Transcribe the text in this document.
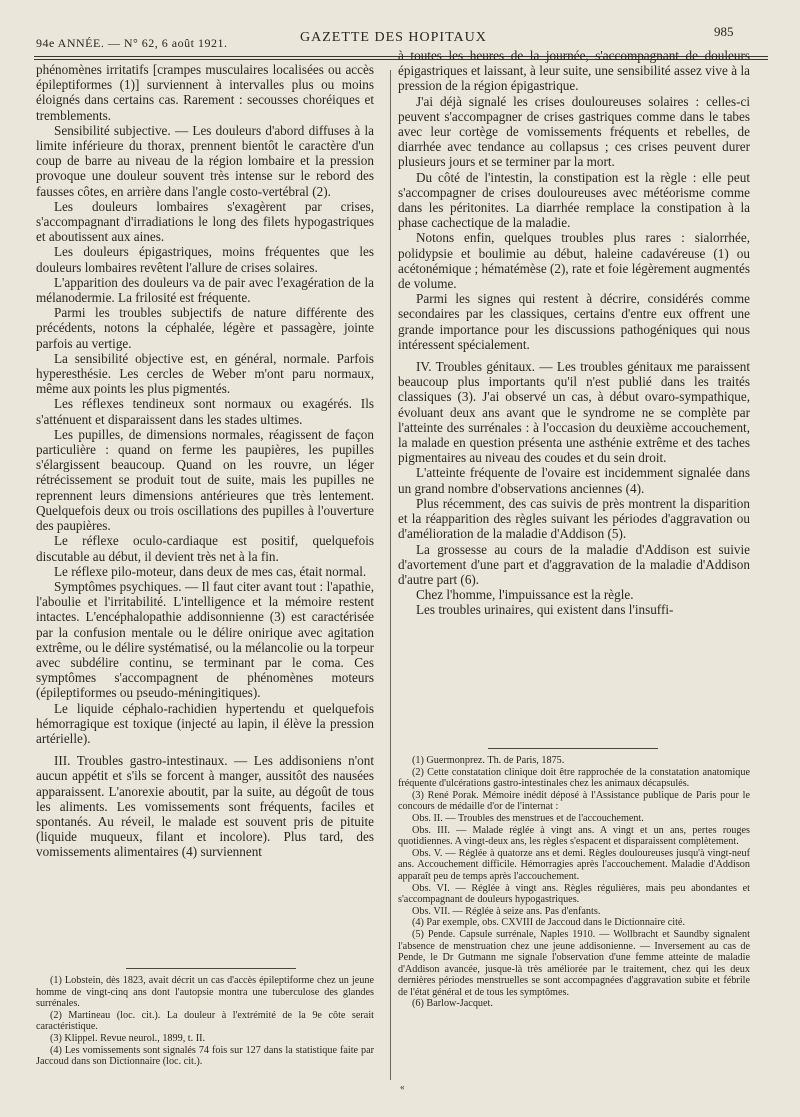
94e ANNÉE. — N° 62, 6 août 1921.	GAZETTE DES HOPITAUX	985

phénomènes irritatifs [crampes musculaires localisées ou accès épileptiformes (1)] surviennent à intervalles plus ou moins éloignés dans certains cas. Rarement : secousses choréiques et tremblements.

Sensibilité subjective. — Les douleurs d'abord diffuses à la limite inférieure du thorax, prennent bientôt le caractère d'un coup de barre au niveau de la région lombaire et la pression provoque une douleur souvent très intense sur le rebord des fausses côtes, en arrière dans l'angle costo-vertébral (2).

Les douleurs lombaires s'exagèrent par crises, s'accompagnant d'irradiations le long des filets hypogastriques et aboutissent aux aines.

Les douleurs épigastriques, moins fréquentes que les douleurs lombaires revêtent l'allure de crises solaires.

L'apparition des douleurs va de pair avec l'exagération de la mélanodermie. La frilosité est fréquente.

Parmi les troubles subjectifs de nature différente des précédents, notons la céphalée, légère et passagère, jointe parfois au vertige.

La sensibilité objective est, en général, normale. Parfois hyperesthésie. Les cercles de Weber m'ont paru normaux, même aux points les plus pigmentés.

Les réflexes tendineux sont normaux ou exagérés. Ils s'atténuent et disparaissent dans les stades ultimes.

Les pupilles, de dimensions normales, réagissent de façon particulière : quand on ferme les paupières, les pupilles s'élargissent beaucoup. Quand on les rouvre, un léger rétrécissement se produit tout de suite, mais les pupilles ne reprennent leurs dimensions antérieures que très lentement. Quelquefois deux ou trois oscillations des pupilles à l'ouverture des paupières.

Le réflexe oculo-cardiaque est positif, quelquefois discutable au début, il devient très net à la fin.

Le réflexe pilo-moteur, dans deux de mes cas, était normal.

Symptômes psychiques. — Il faut citer avant tout : l'apathie, l'aboulie et l'irritabilité. L'intelligence et la mémoire restent intactes. L'encéphalopathie addisonnienne (3) est caractérisée par la confusion mentale ou le délire onirique avec agitation extrême, ou le délire systématisé, ou la mélancolie ou la torpeur avec subdélire continu, se terminant par le coma. Ces symptômes s'accompagnent de phénomènes moteurs (épileptiformes ou pseudo-méningitiques).

Le liquide céphalo-rachidien hypertendu et quelquefois hémorragique est toxique (injecté au lapin, il élève la pression artérielle).

III. Troubles gastro-intestinaux. — Les addisoniens n'ont aucun appétit et s'ils se forcent à manger, aussitôt des nausées apparaissent. L'anorexie aboutit, par la suite, au dégoût de tous les aliments. Les vomissements sont fréquents, faciles et spontanés. Au réveil, le malade est souvent pris de pituite (liquide muqueux, filant et incolore). Plus tard, des vomissements alimentaires (4) surviennent

(1) Lobstein, dès 1823, avait décrit un cas d'accès épileptiforme chez un jeune homme de vingt-cinq ans dont l'autopsie montra une tuberculose des glandes surrénales.

(2) Martineau (loc. cit.). La douleur à l'extrémité de la 9e côte serait caractéristique.

(3) Klippel. Revue neurol., 1899, t. II.

(4) Les vomissements sont signalés 74 fois sur 127 dans la statistique faite par Jaccoud dans son Dictionnaire (loc. cit.).

à toutes les heures de la journée, s'accompagnant de douleurs épigastriques et laissant, à leur suite, une sensibilité assez vive à la pression de la région épigastrique.

J'ai déjà signalé les crises douloureuses solaires : celles-ci peuvent s'accompagner de crises gastriques comme dans le tabes avec leur cortège de vomissements fréquents et rebelles, de diarrhée avec tendance au collapsus ; ces crises peuvent durer plusieurs jours et se terminer par la mort.

Du côté de l'intestin, la constipation est la règle : elle peut s'accompagner de crises douloureuses avec météorisme comme dans les péritonites. La diarrhée remplace la constipation à la phase cachectique de la maladie.

Notons enfin, quelques troubles plus rares : sialorrhée, polidypsie et boulimie au début, haleine cadavéreuse (1) ou acétonémique ; hématémèse (2), rate et foie légèrement augmentés de volume.

Parmi les signes qui restent à décrire, considérés comme secondaires par les classiques, certains d'entre eux offrent une grande importance pour les discussions pathogéniques qui nous intéressent spécialement.

IV. Troubles génitaux. — Les troubles génitaux me paraissent beaucoup plus importants qu'il n'est publié dans les traités classiques (3). J'ai observé un cas, à début ovaro-sympathique, évoluant deux ans avant que le syndrome ne se complète par l'atteinte des surrénales : à l'occasion du deuxième accouchement, la malade en question présenta une asthénie extrême et des taches pigmentaires au niveau des coudes et du sein droit.

L'atteinte fréquente de l'ovaire est incidemment signalée dans un grand nombre d'observations anciennes (4).

Plus récemment, des cas suivis de près montrent la disparition et la réapparition des règles suivant les périodes d'aggravation ou d'amélioration de la maladie d'Addison (5).

La grossesse au cours de la maladie d'Addison est suivie d'avortement d'une part et d'aggravation de la maladie d'Addison d'autre part (6).

Chez l'homme, l'impuissance est la règle.

Les troubles urinaires, qui existent dans l'insuffi-

(1) Guermonprez. Th. de Paris, 1875.

(2) Cette constatation clinique doit être rapprochée de la constatation anatomique fréquente d'ulcérations gastro-intestinales chez les animaux décapsulés.

(3) René Porak. Mémoire inédit déposé à l'Assistance publique de Paris pour le concours de médaille d'or de l'internat :

Obs. II. — Troubles des menstrues et de l'accouchement.

Obs. III. — Malade réglée à vingt ans. A vingt et un ans, pertes rouges quotidiennes. A vingt-deux ans, les règles s'espacent et disparaissent complètement.

Obs. V. — Réglée à quatorze ans et demi. Règles douloureuses jusqu'à vingt-neuf ans. Accouchement difficile. Hémorragies après l'accouchement. Maladie d'Addison apparaît peu de temps après l'accouchement.

Obs. VI. — Réglée à vingt ans. Règles régulières, mais peu abondantes et s'accompagnant de douleurs hypogastriques.

Obs. VII. — Réglée à seize ans. Pas d'enfants.

(4) Par exemple, obs. CXVIII de Jaccoud dans le Dictionnaire cité.

(5) Pende. Capsule surrénale, Naples 1910. — Wollbracht et Saundby signalent l'absence de menstruation chez une jeune addisonienne. — Inversement au cas de Pende, le Dr Gutmann me signale l'observation d'une femme atteinte de maladie d'Addison avancée, jusque-là très améliorée par le traitement, chez qui les deux dernières périodes menstruelles se sont accompagnées d'aggravation subite et fébrile de l'état général et de tous les symptômes.

(6) Barlow-Jacquet.

«
